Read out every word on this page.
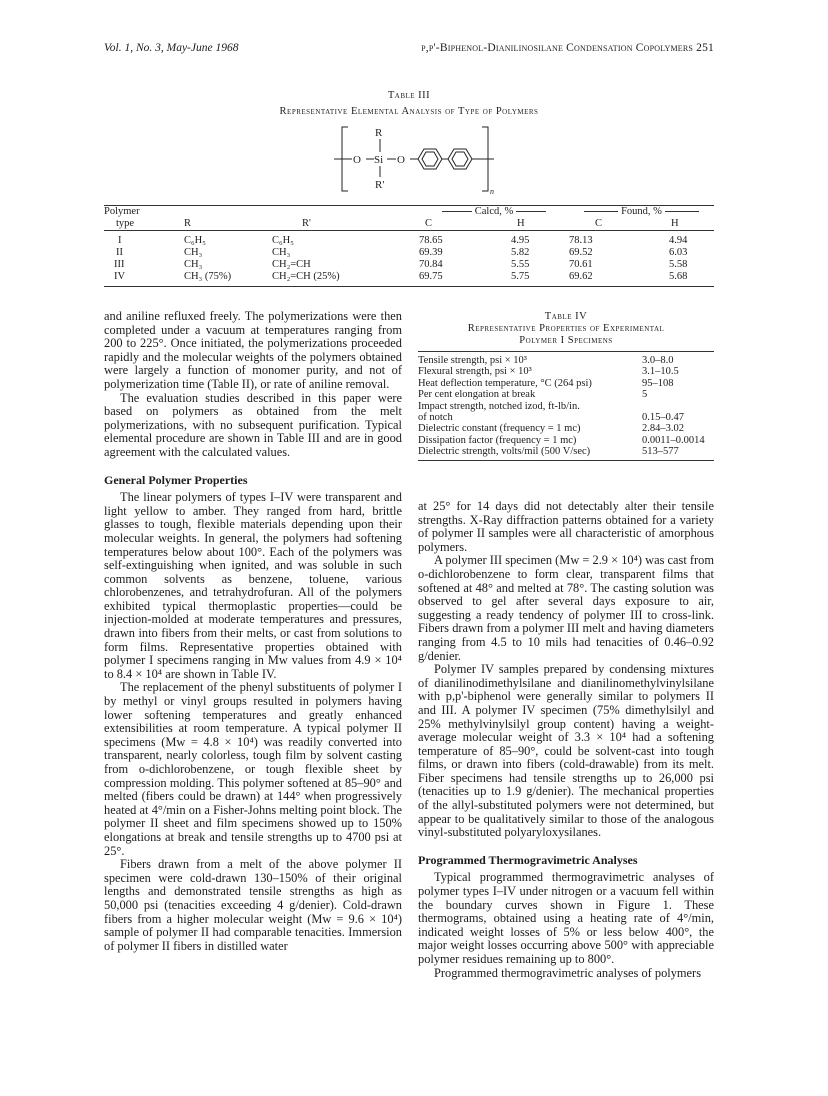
Vol. 1, No. 3, May-June 1968	p,p'-Biphenol-Dianilinosilane Condensation Copolymers 251
Table III
Representative Elemental Analysis of Type of Polymers
R
O Si O
R'
n
Polymer			Calcd, %		Found, %	
type	R	R'	C	H	C	H

I	C₆H₅	C₆H₅	78.65	4.95	78.13	4.94
II	CH₃	CH₃	69.39	5.82	69.52	6.03
III	CH₃	CH₂=CH	70.84	5.55	70.61	5.58
IV	CH₃ (75%)	CH₂=CH (25%)	69.75	5.75	69.62	5.68

and aniline refluxed freely. The polymerizations were then completed under a vacuum at temperatures ranging from 200 to 225°. Once initiated, the polymerizations proceeded rapidly and the molecular weights of the polymers obtained were largely a function of monomer purity, and not of polymerization time (Table II), or rate of aniline removal.

The evaluation studies described in this paper were based on polymers as obtained from the melt polymerizations, with no subsequent purification. Typical elemental procedure are shown in Table III and are in good agreement with the calculated values.

General Polymer Properties

The linear polymers of types I–IV were transparent and light yellow to amber. They ranged from hard, brittle glasses to tough, flexible materials depending upon their molecular weights. In general, the polymers had softening temperatures below about 100°. Each of the polymers was self-extinguishing when ignited, and was soluble in such common solvents as benzene, toluene, various chlorobenzenes, and tetrahydrofuran. All of the polymers exhibited typical thermoplastic properties—could be injection-molded at moderate temperatures and pressures, drawn into fibers from their melts, or cast from solutions to form films. Representative properties obtained with polymer I specimens ranging in Mw values from 4.9 × 10⁴ to 8.4 × 10⁴ are shown in Table IV.

The replacement of the phenyl substituents of polymer I by methyl or vinyl groups resulted in polymers having lower softening temperatures and greatly enhanced extensibilities at room temperature. A typical polymer II specimens (Mw = 4.8 × 10⁴) was readily converted into transparent, nearly colorless, tough film by solvent casting from o-dichlorobenzene, or tough flexible sheet by compression molding. This polymer softened at 85–90° and melted (fibers could be drawn) at 144° when progressively heated at 4°/min on a Fisher-Johns melting point block. The polymer II sheet and film specimens showed up to 150% elongations at break and tensile strengths up to 4700 psi at 25°.

Fibers drawn from a melt of the above polymer II specimen were cold-drawn 130–150% of their original lengths and demonstrated tensile strengths as high as 50,000 psi (tenacities exceeding 4 g/denier). Cold-drawn fibers from a higher molecular weight (Mw = 9.6 × 10⁴) sample of polymer II had comparable tenacities. Immersion of polymer II fibers in distilled water

Table IV
Representative Properties of Experimental
Polymer I Specimens

Tensile strength, psi × 10³	3.0–8.0
Flexural strength, psi × 10³	3.1–10.5
Heat deflection temperature, °C (264 psi)	95–108
Per cent elongation at break	5
Impact strength, notched izod, ft-lb/in. of notch	0.15–0.47
Dielectric constant (frequency = 1 mc)	2.84–3.02
Dissipation factor (frequency = 1 mc)	0.0011–0.0014
Dielectric strength, volts/mil (500 V/sec)	513–577

at 25° for 14 days did not detectably alter their tensile strengths. X-Ray diffraction patterns obtained for a variety of polymer II samples were all characteristic of amorphous polymers.

A polymer III specimen (Mw = 2.9 × 10⁴) was cast from o-dichlorobenzene to form clear, transparent films that softened at 48° and melted at 78°. The casting solution was observed to gel after several days exposure to air, suggesting a ready tendency of polymer III to cross-link. Fibers drawn from a polymer III melt and having diameters ranging from 4.5 to 10 mils had tenacities of 0.46–0.92 g/denier.

Polymer IV samples prepared by condensing mixtures of dianilinodimethylsilane and dianilinomethylvinylsilane with p,p'-biphenol were generally similar to polymers II and III. A polymer IV specimen (75% dimethylsilyl and 25% methylvinylsilyl group content) having a weight-average molecular weight of 3.3 × 10⁴ had a softening temperature of 85–90°, could be solvent-cast into tough films, or drawn into fibers (cold-drawable) from its melt. Fiber specimens had tensile strengths up to 26,000 psi (tenacities up to 1.9 g/denier). The mechanical properties of the allyl-substituted polymers were not determined, but appear to be qualitatively similar to those of the analogous vinyl-substituted polyaryloxysilanes.

Programmed Thermogravimetric Analyses

Typical programmed thermogravimetric analyses of polymer types I–IV under nitrogen or a vacuum fell within the boundary curves shown in Figure 1. These thermograms, obtained using a heating rate of 4°/min, indicated weight losses of 5% or less below 400°, the major weight losses occurring above 500° with appreciable polymer residues remaining up to 800°.

Programmed thermogravimetric analyses of polymers
